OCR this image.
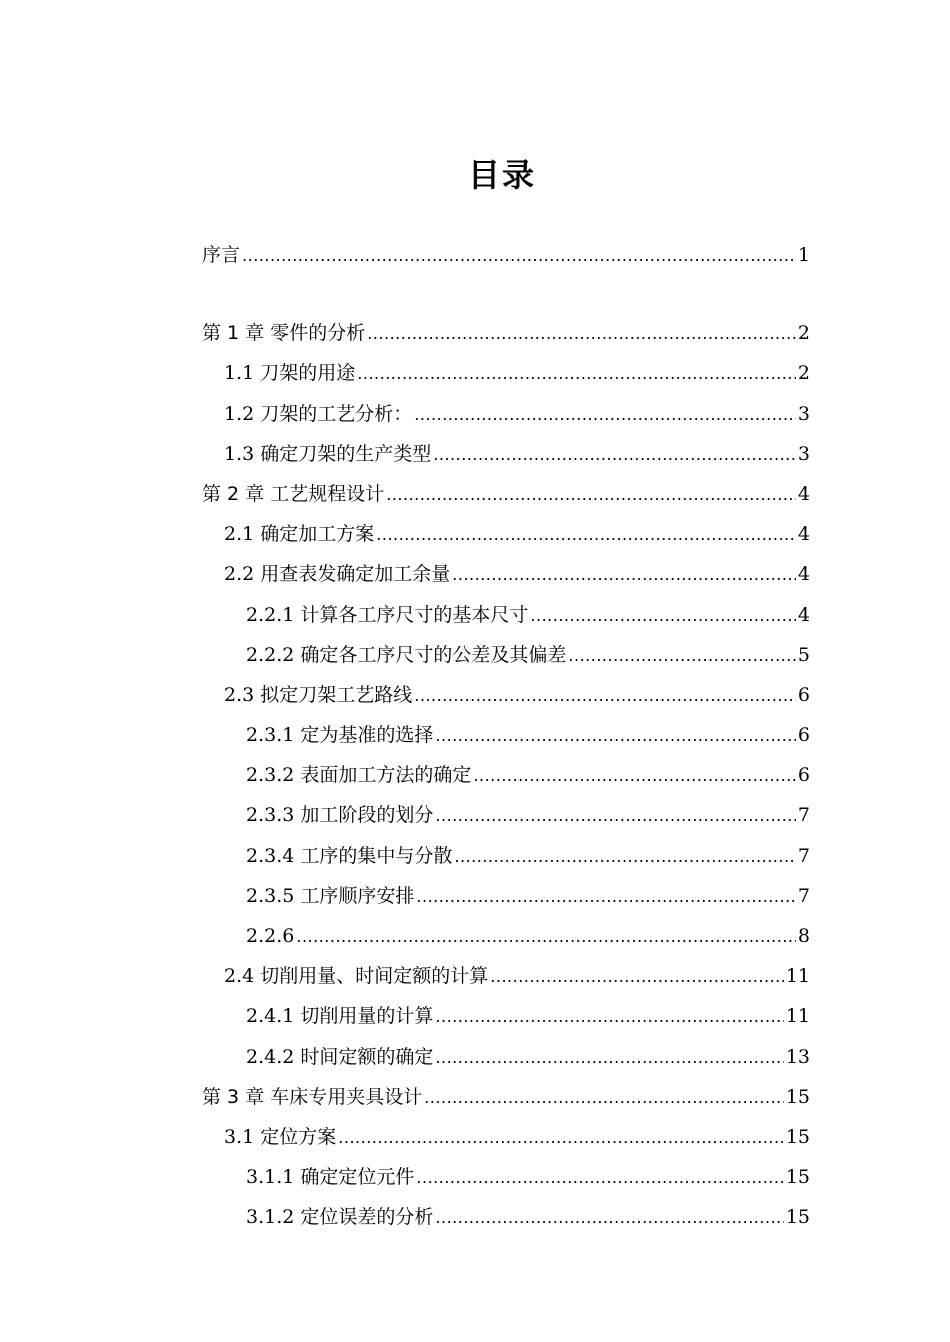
目录
序言 .....	1
第 1 章 零件的分析 .....	2
1.1 刀架的用途 .....	2
1.2 刀架的工艺分析： .....	3
1.3 确定刀架的生产类型 .....	3
第 2 章 工艺规程设计 .....	4
2.1 确定加工方案 .....	4
2.2 用查表发确定加工余量 .....	4
2.2.1 计算各工序尺寸的基本尺寸 .....	4
2.2.2 确定各工序尺寸的公差及其偏差 .....	5
2.3 拟定刀架工艺路线 .....	6
2.3.1 定为基准的选择 .....	6
2.3.2 表面加工方法的确定 .....	6
2.3.3 加工阶段的划分 .....	7
2.3.4 工序的集中与分散 .....	7
2.3.5 工序顺序安排 .....	7
2.2.6 .....	8
2.4 切削用量、时间定额的计算 .....	11
2.4.1 切削用量的计算 .....	11
2.4.2 时间定额的确定 .....	13
第 3 章 车床专用夹具设计 .....	15
3.1 定位方案 .....	15
3.1.1 确定定位元件 .....	15
3.1.2 定位误差的分析 .....	15
